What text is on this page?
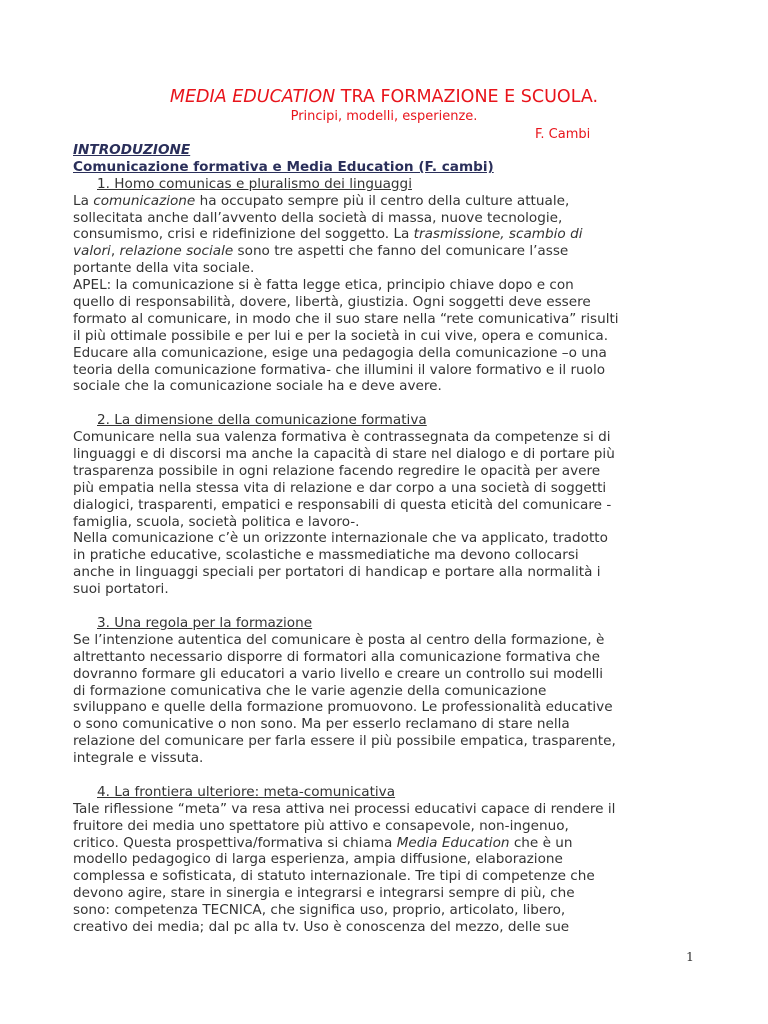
MEDIA EDUCATION TRA FORMAZIONE E SCUOLA.
Principi, modelli, esperienze.
F. Cambi
INTRODUZIONE
Comunicazione formativa e Media Education (F. cambi)
1. Homo comunicas e pluralismo dei linguaggi
La comunicazione ha occupato sempre più il centro della culture attuale,
sollecitata anche dall’avvento della società di massa, nuove tecnologie,
consumismo, crisi e ridefinizione del soggetto. La trasmissione, scambio di
valori, relazione sociale sono tre aspetti che fanno del comunicare l’asse
portante della vita sociale.
APEL: la comunicazione si è fatta legge etica, principio chiave dopo e con
quello di responsabilità, dovere, libertà, giustizia. Ogni soggetti deve essere
formato al comunicare, in modo che il suo stare nella “rete comunicativa” risulti
il più ottimale possibile e per lui e per la società in cui vive, opera e comunica.
Educare alla comunicazione, esige una pedagogia della comunicazione –o una
teoria della comunicazione formativa- che illumini il valore formativo e il ruolo
sociale che la comunicazione sociale ha e deve avere.
2. La dimensione della comunicazione formativa
Comunicare nella sua valenza formativa è contrassegnata da competenze si di
linguaggi e di discorsi ma anche la capacità di stare nel dialogo e di portare più
trasparenza possibile in ogni relazione facendo regredire le opacità per avere
più empatia nella stessa vita di relazione e dar corpo a una società di soggetti
dialogici, trasparenti, empatici e responsabili di questa eticità del comunicare -
famiglia, scuola, società politica e lavoro-.
Nella comunicazione c’è un orizzonte internazionale che va applicato, tradotto
in pratiche educative, scolastiche e massmediatiche ma devono collocarsi
anche in linguaggi speciali per portatori di handicap e portare alla normalità i
suoi portatori.
3. Una regola per la formazione
Se l’intenzione autentica del comunicare è posta al centro della formazione, è
altrettanto necessario disporre di formatori alla comunicazione formativa che
dovranno formare gli educatori a vario livello e creare un controllo sui modelli
di formazione comunicativa che le varie agenzie della comunicazione
sviluppano e quelle della formazione promuovono. Le professionalità educative
o sono comunicative o non sono. Ma per esserlo reclamano di stare nella
relazione del comunicare per farla essere il più possibile empatica, trasparente,
integrale e vissuta.
4. La frontiera ulteriore: meta-comunicativa
Tale riflessione “meta” va resa attiva nei processi educativi capace di rendere il
fruitore dei media uno spettatore più attivo e consapevole, non-ingenuo,
critico. Questa prospettiva/formativa si chiama Media Education che è un
modello pedagogico di larga esperienza, ampia diffusione, elaborazione
complessa e sofisticata, di statuto internazionale. Tre tipi di competenze che
devono agire, stare in sinergia e integrarsi e integrarsi sempre di più, che
sono: competenza TECNICA, che significa uso, proprio, articolato, libero,
creativo dei media; dal pc alla tv. Uso è conoscenza del mezzo, delle sue
1
